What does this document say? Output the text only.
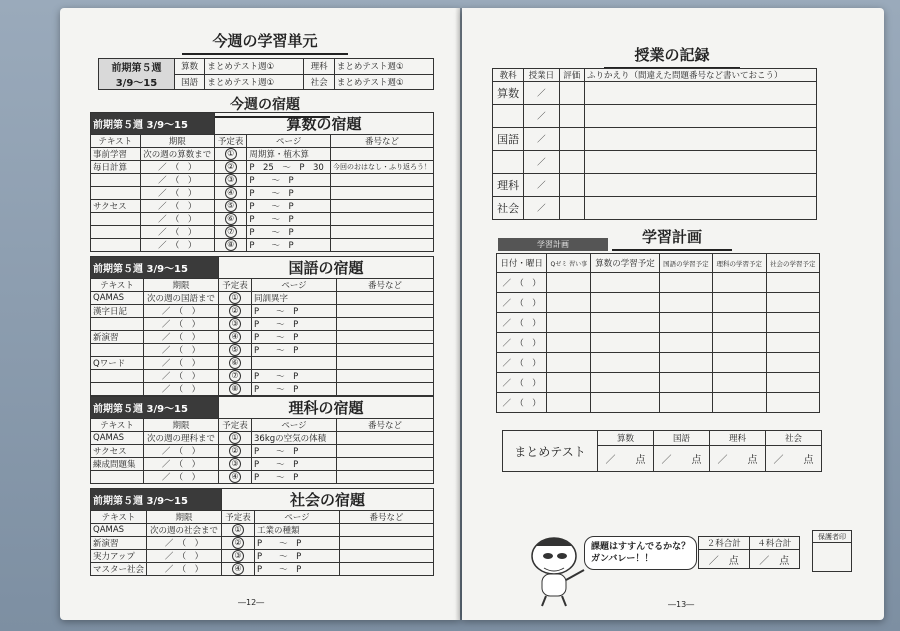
今週の学習単元
前期第５週
3/9〜15	算数	まとめテスト週①	理科	まとめテスト週①
	国語	まとめテスト週①	社会	まとめテスト週①
今週の宿題
前期第５週 3/9〜15		算数の宿題		
テキスト	期限	予定表	ページ	番号など
事前学習	次の週の算数まで	①	周期算・植木算	
毎日計算	／　（　）	②	P　25　〜　P　30	今回のおはなし・ふり返ろう！
	／　（　）	③	P　　〜　P	
	／　（　）	④	P　　〜　P	
サクセス	／　（　）	⑤	P　　〜　P	
	／　（　）	⑥	P　　〜　P	
	／　（　）	⑦	P　　〜　P	
	／　（　）	⑧	P　　〜　P	
前期第５週 3/9〜15		国語の宿題		
テキスト	期限	予定表	ページ	番号など
QAMAS	次の週の国語まで	①	同訓異字	
漢字日記	／　（　）	②	P　　〜　P	
	／　（　）	③	P　　〜　P	
新演習	／　（　）	④	P　　〜　P	
	／　（　）	⑤	P　　〜　P	
Qワード	／　（　）	⑥		
	／　（　）	⑦	P　　〜　P	
	／　（　）	⑧	P　　〜　P	
前期第５週 3/9〜15		理科の宿題		
テキスト	期限	予定表	ページ	番号など
QAMAS	次の週の理科まで	①	36kgの空気の体積	
サクセス	／　（　）	②	P　　〜　P	
練成問題集	／　（　）	③	P　　〜　P	
	／　（　）	④	P　　〜　P	
前期第５週 3/9〜15		社会の宿題		
テキスト	期限	予定表	ページ	番号など
QAMAS	次の週の社会まで	①	工業の種類	
新演習	／　（　）	②	P　　〜　P	
実力アップ	／　（　）	③	P　　〜　P	
マスター社会	／　（　）	④	P　　〜　P	
―12―
授業の記録
教科	授業日	評価	ふりかえり（間違えた問題番号など書いておこう）
算数	／		
	／		
国語	／		
	／		
理科	／		
社会	／		
学習計画
学習計画
日付・曜日	Qゼミ 習い事	算数の学習予定	国語の学習予定	理科の学習予定	社会の学習予定
／　（　）					
／　（　）					
／　（　）					
／　（　）					
／　（　）					
／　（　）					
／　（　）					
まとめテスト	算数	国語	理科	社会
	／　　点	／　　点	／　　点	／　　点
課題はすすんでるかな？
ガンバレー！！
２科合計	４科合計
／　点	／　点
保護者印

―13―
